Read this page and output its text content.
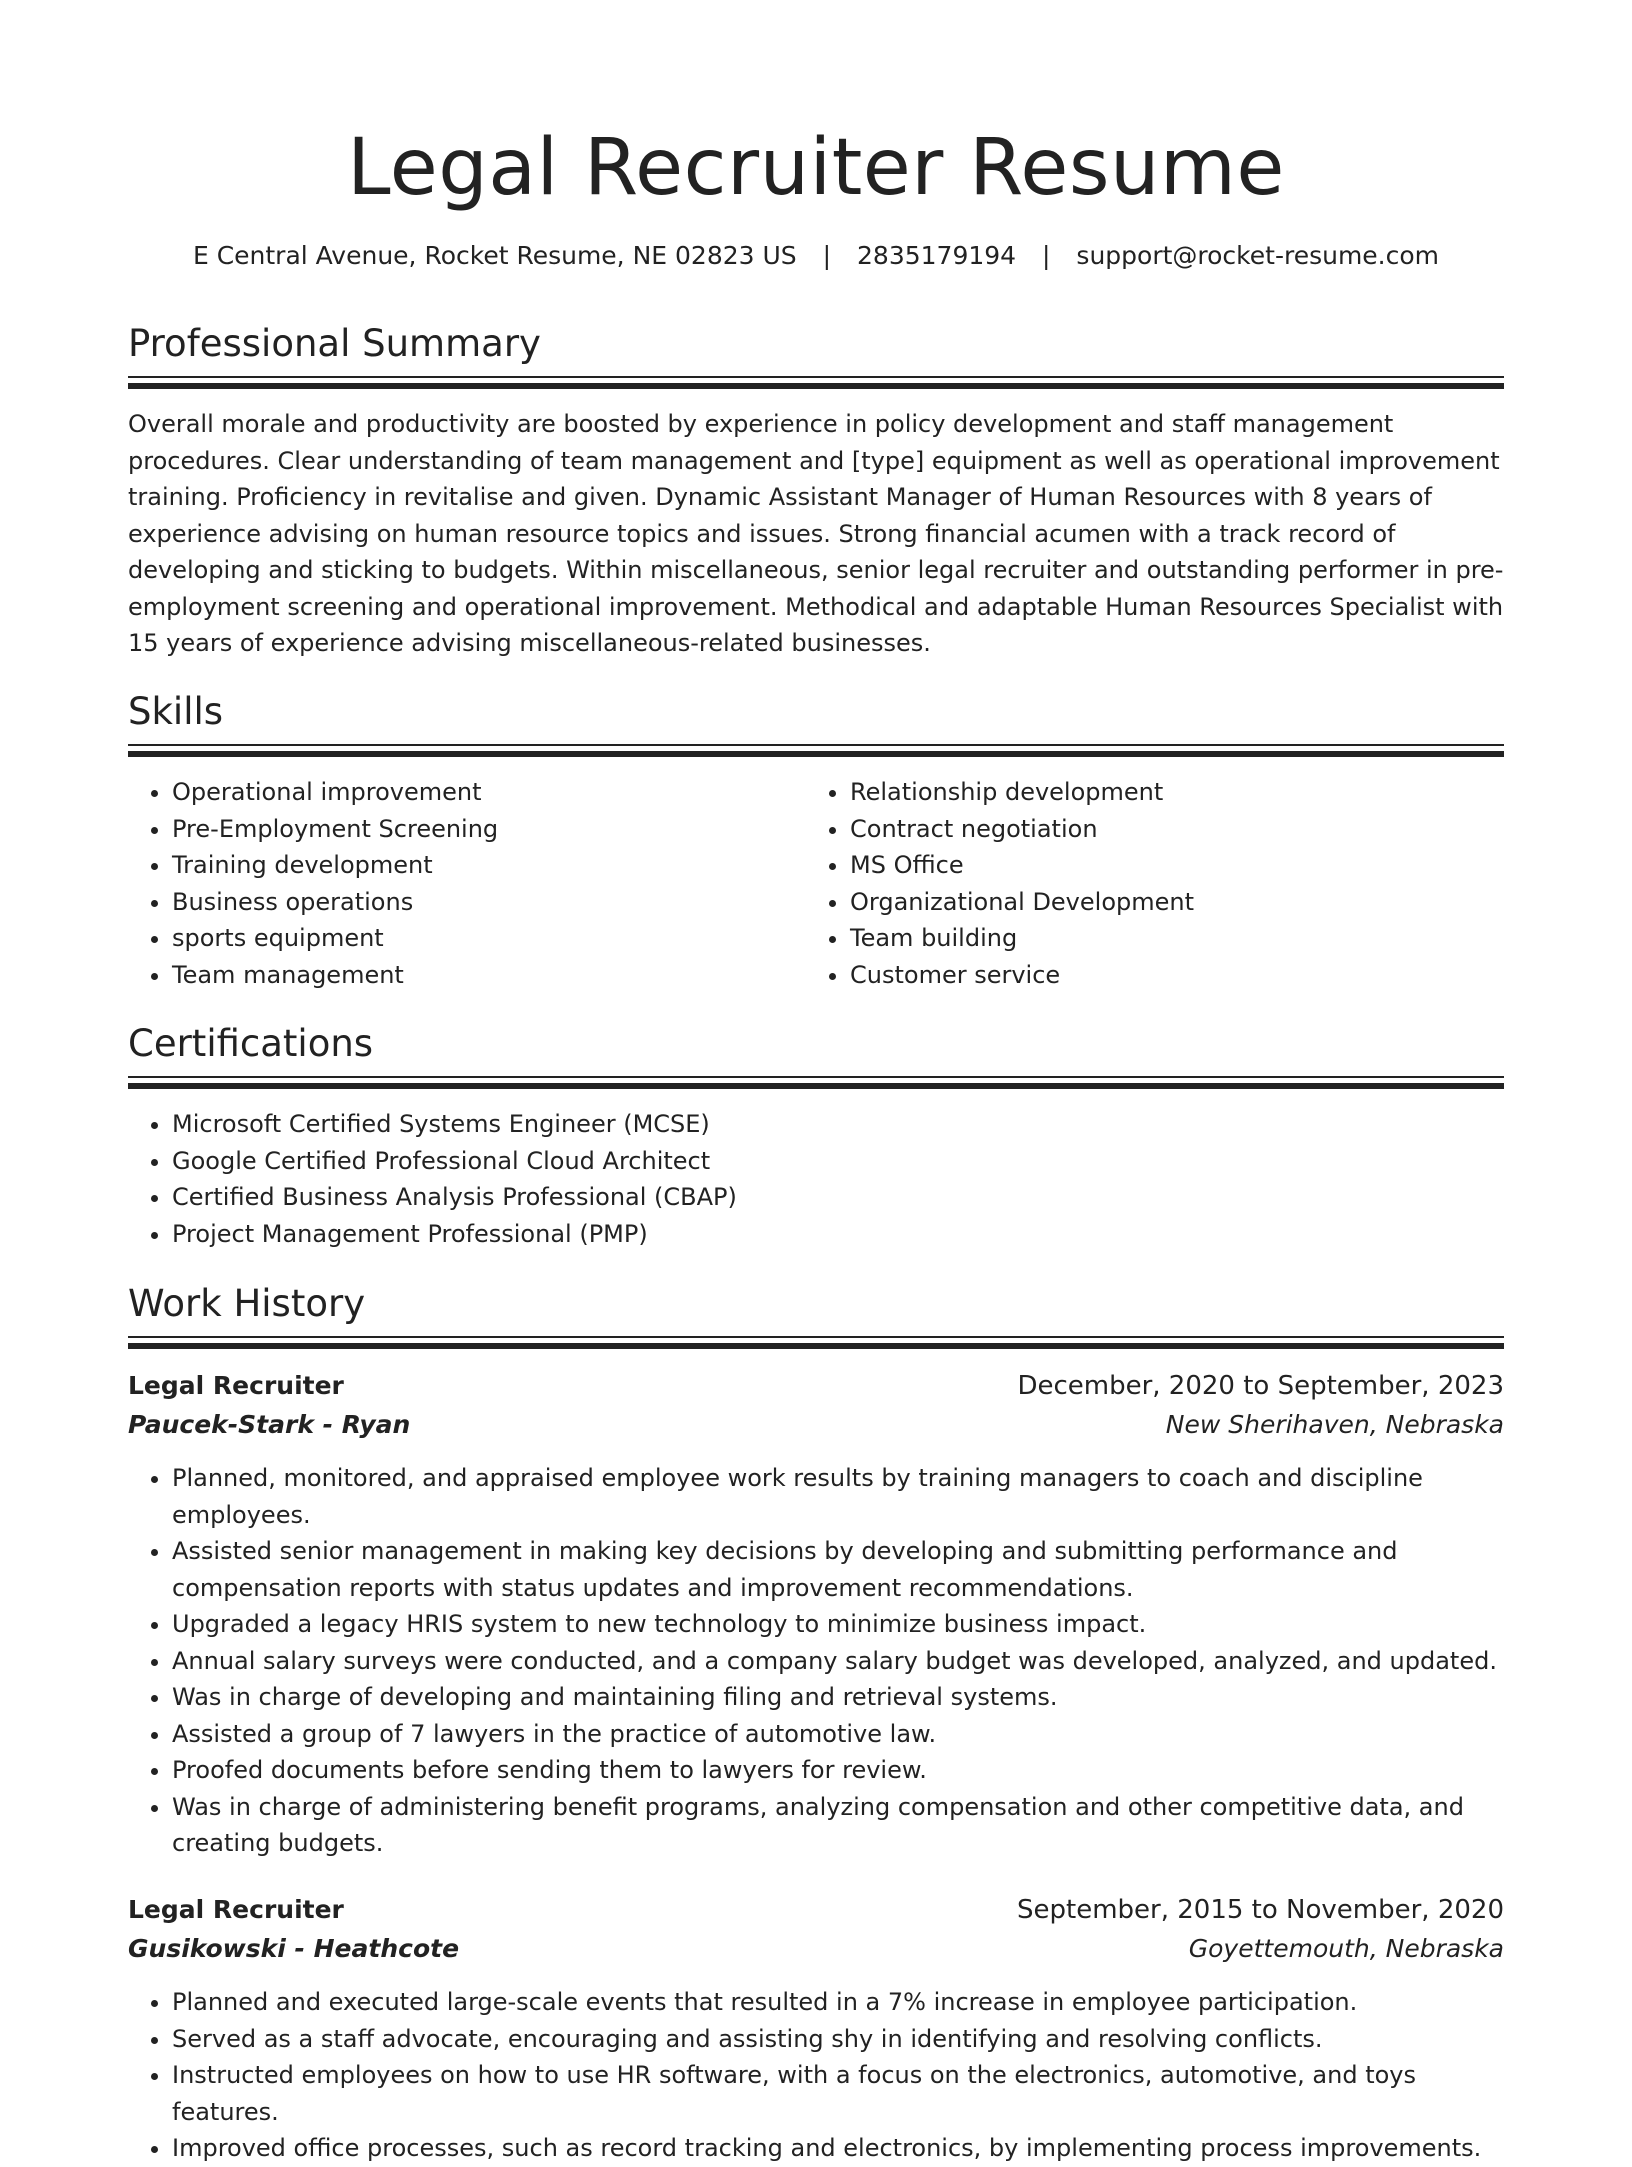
Legal Recruiter Resume
E Central Avenue, Rocket Resume, NE 02823 US | 2835179194 | support@rocket-resume.com
Professional Summary

Overall morale and productivity are boosted by experience in policy development and staff management procedures. Clear understanding of team management and [type] equipment as well as operational improvement training. Proficiency in revitalise and given. Dynamic Assistant Manager of Human Resources with 8 years of experience advising on human resource topics and issues. Strong financial acumen with a track record of developing and sticking to budgets. Within miscellaneous, senior legal recruiter and outstanding performer in pre-employment screening and operational improvement. Methodical and adaptable Human Resources Specialist with 15 years of experience advising miscellaneous-related businesses.

Skills
• Operational improvement
• Pre-Employment Screening
• Training development
• Business operations
• sports equipment
• Team management
• Relationship development
• Contract negotiation
• MS Office
• Organizational Development
• Team building
• Customer service
Certifications
• Microsoft Certified Systems Engineer (MCSE)
• Google Certified Professional Cloud Architect
• Certified Business Analysis Professional (CBAP)
• Project Management Professional (PMP)
Work History
Legal Recruiter	December, 2020 to September, 2023
Paucek-Stark - Ryan	New Sherihaven, Nebraska
• Planned, monitored, and appraised employee work results by training managers to coach and discipline employees.
• Assisted senior management in making key decisions by developing and submitting performance and compensation reports with status updates and improvement recommendations.
• Upgraded a legacy HRIS system to new technology to minimize business impact.
• Annual salary surveys were conducted, and a company salary budget was developed, analyzed, and updated.
• Was in charge of developing and maintaining filing and retrieval systems.
• Assisted a group of 7 lawyers in the practice of automotive law.
• Proofed documents before sending them to lawyers for review.
• Was in charge of administering benefit programs, analyzing compensation and other competitive data, and creating budgets.
Legal Recruiter	September, 2015 to November, 2020
Gusikowski - Heathcote	Goyettemouth, Nebraska
• Planned and executed large-scale events that resulted in a 7% increase in employee participation.
• Served as a staff advocate, encouraging and assisting shy in identifying and resolving conflicts.
• Instructed employees on how to use HR software, with a focus on the electronics, automotive, and toys features.
• Improved office processes, such as record tracking and electronics, by implementing process improvements.
